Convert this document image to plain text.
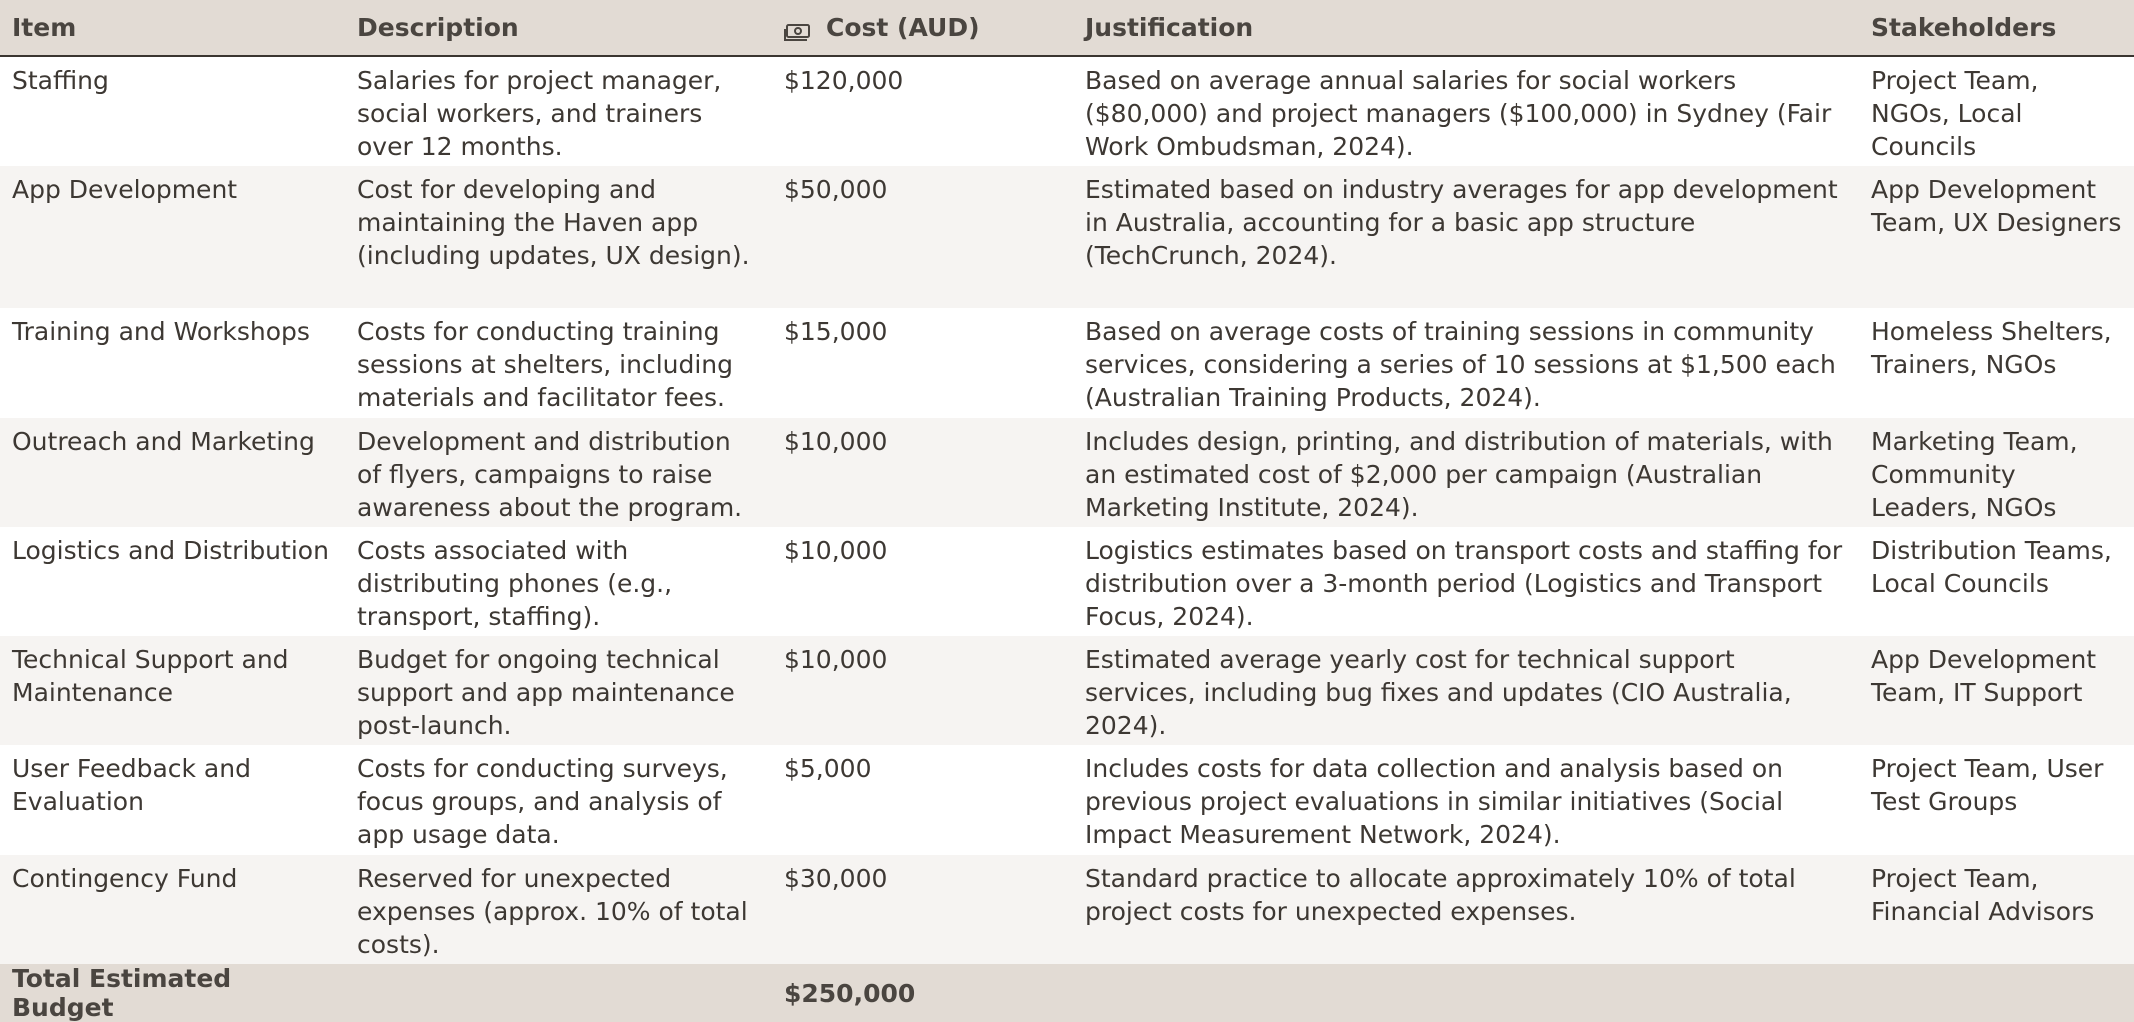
Item	Description	Cost (AUD)	Justification	Stakeholders
Staffing	Salaries for project manager, social workers, and trainers over 12 months.	$120,000	Based on average annual salaries for social workers ($80,000) and project managers ($100,000) in Sydney (Fair Work Ombudsman, 2024).	Project Team, NGOs, Local Councils
App Development	Cost for developing and maintaining the Haven app (including updates, UX design).	$50,000	Estimated based on industry averages for app development in Australia, accounting for a basic app structure (TechCrunch, 2024).	App Development Team, UX Designers
Training and Workshops	Costs for conducting training sessions at shelters, including materials and facilitator fees.	$15,000	Based on average costs of training sessions in community services, considering a series of 10 sessions at $1,500 each (Australian Training Products, 2024).	Homeless Shelters, Trainers, NGOs
Outreach and Marketing	Development and distribution of flyers, campaigns to raise awareness about the program.	$10,000	Includes design, printing, and distribution of materials, with an estimated cost of $2,000 per campaign (Australian Marketing Institute, 2024).	Marketing Team, Community Leaders, NGOs
Logistics and Distribution	Costs associated with distributing phones (e.g., transport, staffing).	$10,000	Logistics estimates based on transport costs and staffing for distribution over a 3-month period (Logistics and Transport Focus, 2024).	Distribution Teams, Local Councils
Technical Support and Maintenance	Budget for ongoing technical support and app maintenance post-launch.	$10,000	Estimated average yearly cost for technical support services, including bug fixes and updates (CIO Australia, 2024).	App Development Team, IT Support
User Feedback and Evaluation	Costs for conducting surveys, focus groups, and analysis of app usage data.	$5,000	Includes costs for data collection and analysis based on previous project evaluations in similar initiatives (Social Impact Measurement Network, 2024).	Project Team, User Test Groups
Contingency Fund	Reserved for unexpected expenses (approx. 10% of total costs).	$30,000	Standard practice to allocate approximately 10% of total project costs for unexpected expenses.	Project Team, Financial Advisors
Total Estimated Budget		$250,000		
